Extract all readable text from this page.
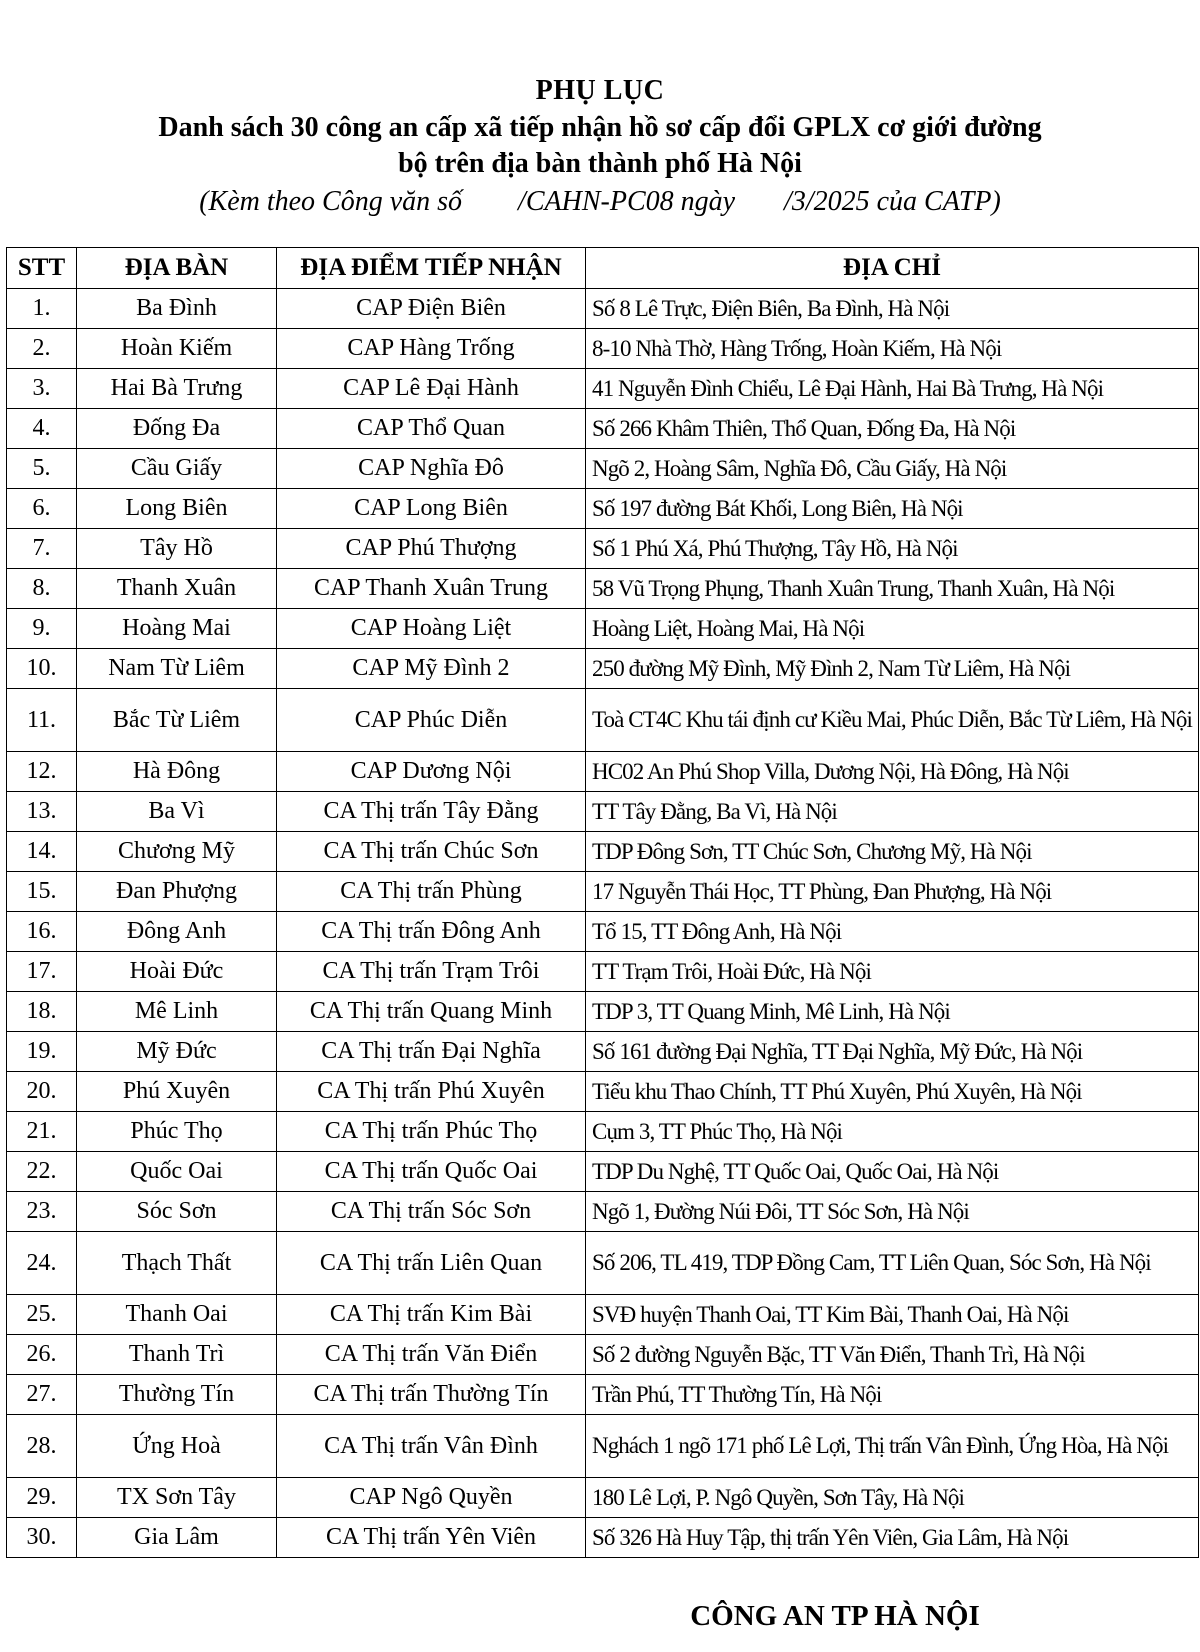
PHỤ LỤC
Danh sách 30 công an cấp xã tiếp nhận hồ sơ cấp đổi GPLX cơ giới đường
bộ trên địa bàn thành phố Hà Nội
(Kèm theo Công văn số        /CAHN-PC08 ngày       /3/2025 của CATP)
STT	ĐỊA BÀN	ĐỊA ĐIỂM TIẾP NHẬN	ĐỊA CHỈ
1.	Ba Đình	CAP Điện Biên	Số 8 Lê Trực, Điện Biên, Ba Đình, Hà Nội
2.	Hoàn Kiếm	CAP Hàng Trống	8-10 Nhà Thờ, Hàng Trống, Hoàn Kiếm, Hà Nội
3.	Hai Bà Trưng	CAP Lê Đại Hành	41 Nguyễn Đình Chiểu, Lê Đại Hành, Hai Bà Trưng, Hà Nội
4.	Đống Đa	CAP Thổ Quan	Số 266 Khâm Thiên, Thổ Quan, Đống Đa, Hà Nội
5.	Cầu Giấy	CAP Nghĩa Đô	Ngõ 2, Hoàng Sâm, Nghĩa Đô, Cầu Giấy, Hà Nội
6.	Long Biên	CAP Long Biên	Số 197 đường Bát Khối, Long Biên, Hà Nội
7.	Tây Hồ	CAP Phú Thượng	Số 1 Phú Xá, Phú Thượng, Tây Hồ, Hà Nội
8.	Thanh Xuân	CAP Thanh Xuân Trung	58 Vũ Trọng Phụng, Thanh Xuân Trung, Thanh Xuân, Hà Nội
9.	Hoàng Mai	CAP Hoàng Liệt	Hoàng Liệt, Hoàng Mai, Hà Nội
10.	Nam Từ Liêm	CAP Mỹ Đình 2	250 đường Mỹ Đình, Mỹ Đình 2, Nam Từ Liêm, Hà Nội
11.	Bắc Từ Liêm	CAP Phúc Diễn	Toà CT4C Khu tái định cư Kiều Mai, Phúc Diễn, Bắc Từ Liêm, Hà Nội
12.	Hà Đông	CAP Dương Nội	HC02 An Phú Shop Villa, Dương Nội, Hà Đông, Hà Nội
13.	Ba Vì	CA Thị trấn Tây Đằng	TT Tây Đằng, Ba Vì, Hà Nội
14.	Chương Mỹ	CA Thị trấn Chúc Sơn	TDP Đông Sơn, TT Chúc Sơn, Chương Mỹ, Hà Nội
15.	Đan Phượng	CA Thị trấn Phùng	17 Nguyễn Thái Học, TT Phùng, Đan Phượng, Hà Nội
16.	Đông Anh	CA Thị trấn Đông Anh	Tổ 15, TT Đông Anh, Hà Nội
17.	Hoài Đức	CA Thị trấn Trạm Trôi	TT Trạm Trôi, Hoài Đức, Hà Nội
18.	Mê Linh	CA Thị trấn Quang Minh	TDP 3, TT Quang Minh, Mê Linh, Hà Nội
19.	Mỹ Đức	CA Thị trấn Đại Nghĩa	Số 161 đường Đại Nghĩa, TT Đại Nghĩa, Mỹ Đức, Hà Nội
20.	Phú Xuyên	CA Thị trấn Phú Xuyên	Tiểu khu Thao Chính, TT Phú Xuyên, Phú Xuyên, Hà Nội
21.	Phúc Thọ	CA Thị trấn Phúc Thọ	Cụm 3, TT Phúc Thọ, Hà Nội
22.	Quốc Oai	CA Thị trấn Quốc Oai	TDP Du Nghệ, TT Quốc Oai, Quốc Oai, Hà Nội
23.	Sóc Sơn	CA Thị trấn Sóc Sơn	Ngõ 1, Đường Núi Đôi, TT Sóc Sơn, Hà Nội
24.	Thạch Thất	CA Thị trấn Liên Quan	Số 206, TL 419, TDP Đồng Cam, TT Liên Quan, Sóc Sơn, Hà Nội
25.	Thanh Oai	CA Thị trấn Kim Bài	SVĐ huyện Thanh Oai, TT Kim Bài, Thanh Oai, Hà Nội
26.	Thanh Trì	CA Thị trấn Văn Điển	Số 2 đường Nguyễn Bặc, TT Văn Điển, Thanh Trì, Hà Nội
27.	Thường Tín	CA Thị trấn Thường Tín	Trần Phú, TT Thường Tín, Hà Nội
28.	Ứng Hoà	CA Thị trấn Vân Đình	Nghách 1 ngõ 171 phố Lê Lợi, Thị trấn Vân Đình, Ứng Hòa, Hà Nội
29.	TX Sơn Tây	CAP Ngô Quyền	180 Lê Lợi, P. Ngô Quyền, Sơn Tây, Hà Nội
30.	Gia Lâm	CA Thị trấn Yên Viên	Số 326 Hà Huy Tập, thị trấn Yên Viên, Gia Lâm, Hà Nội
CÔNG AN TP HÀ NỘI
